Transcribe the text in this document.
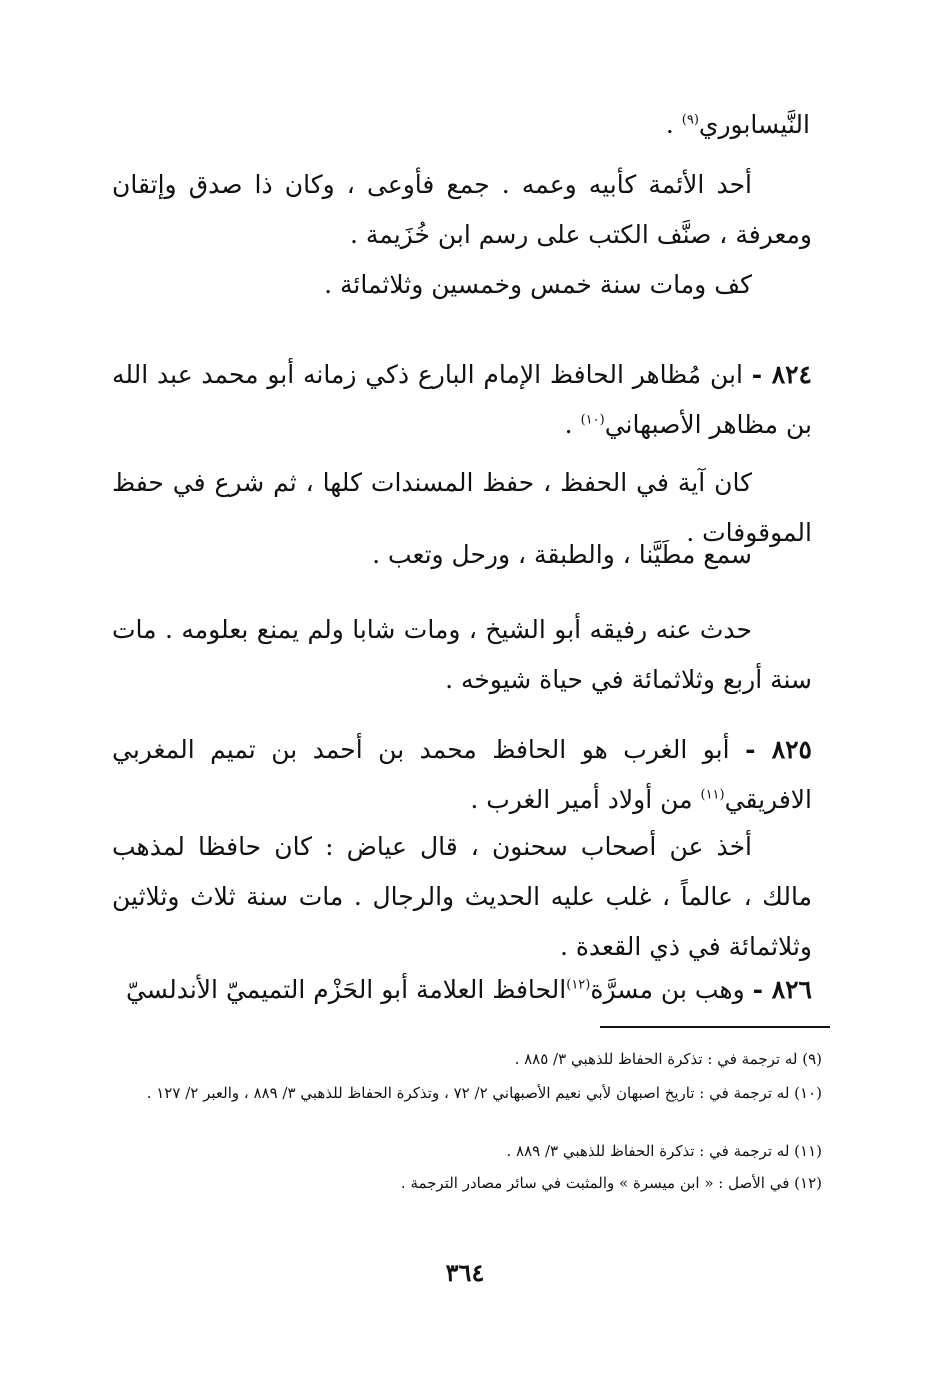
النَّيسابوري$^{(٩)}$ .
أحد الأئمة كأبيه وعمه . جمع فأوعى ، وكان ذا صدق وإتقان ومعرفة ، صنَّف الكتب على رسم ابن خُزَيمة .
كف ومات سنة خمس وخمسين وثلاثمائة .
٨٢٤ - ابن مُظاهر الحافظ الإمام البارع ذكي زمانه أبو محمد عبد الله بن مظاهر الأصبهاني$^{(١٠)}$ .
كان آية في الحفظ ، حفظ المسندات كلها ، ثم شرع في حفظ الموقوفات .
سمع مطَيَّنا ، والطبقة ، ورحل وتعب .
حدث عنه رفيقه أبو الشيخ ، ومات شابا ولم يمنع بعلومه . مات سنة أربع وثلاثمائة في حياة شيوخه .
٨٢٥ - أبو الغرب هو الحافظ محمد بن أحمد بن تميم المغربي الافريقي$^{(١١)}$ من أولاد أمير الغرب .
أخذ عن أصحاب سحنون ، قال عياض : كان حافظا لمذهب مالك ، عالماً ، غلب عليه الحديث والرجال . مات سنة ثلاث وثلاثين وثلاثمائة في ذي القعدة .
٨٢٦ - وهب بن مسرَّة$^{(١٢)}$الحافظ العلامة أبو الحَزْم التميميّ الأندلسيّ
(٩) له ترجمة في : تذكرة الحفاظ للذهبي ٣/ ٨٨٥ .
(١٠) له ترجمة في : تاريخ اصبهان لأبي نعيم الأصبهاني ٢/ ٧٢ ، وتذكرة الحفاظ للذهبي ٣/ ٨٨٩ ، والعبر ٢/ ١٢٧ .
(١١) له ترجمة في : تذكرة الحفاظ للذهبي ٣/ ٨٨٩ .
(١٢) في الأصل : « ابن ميسرة » والمثبت في سائر مصادر الترجمة .
٣٦٤
